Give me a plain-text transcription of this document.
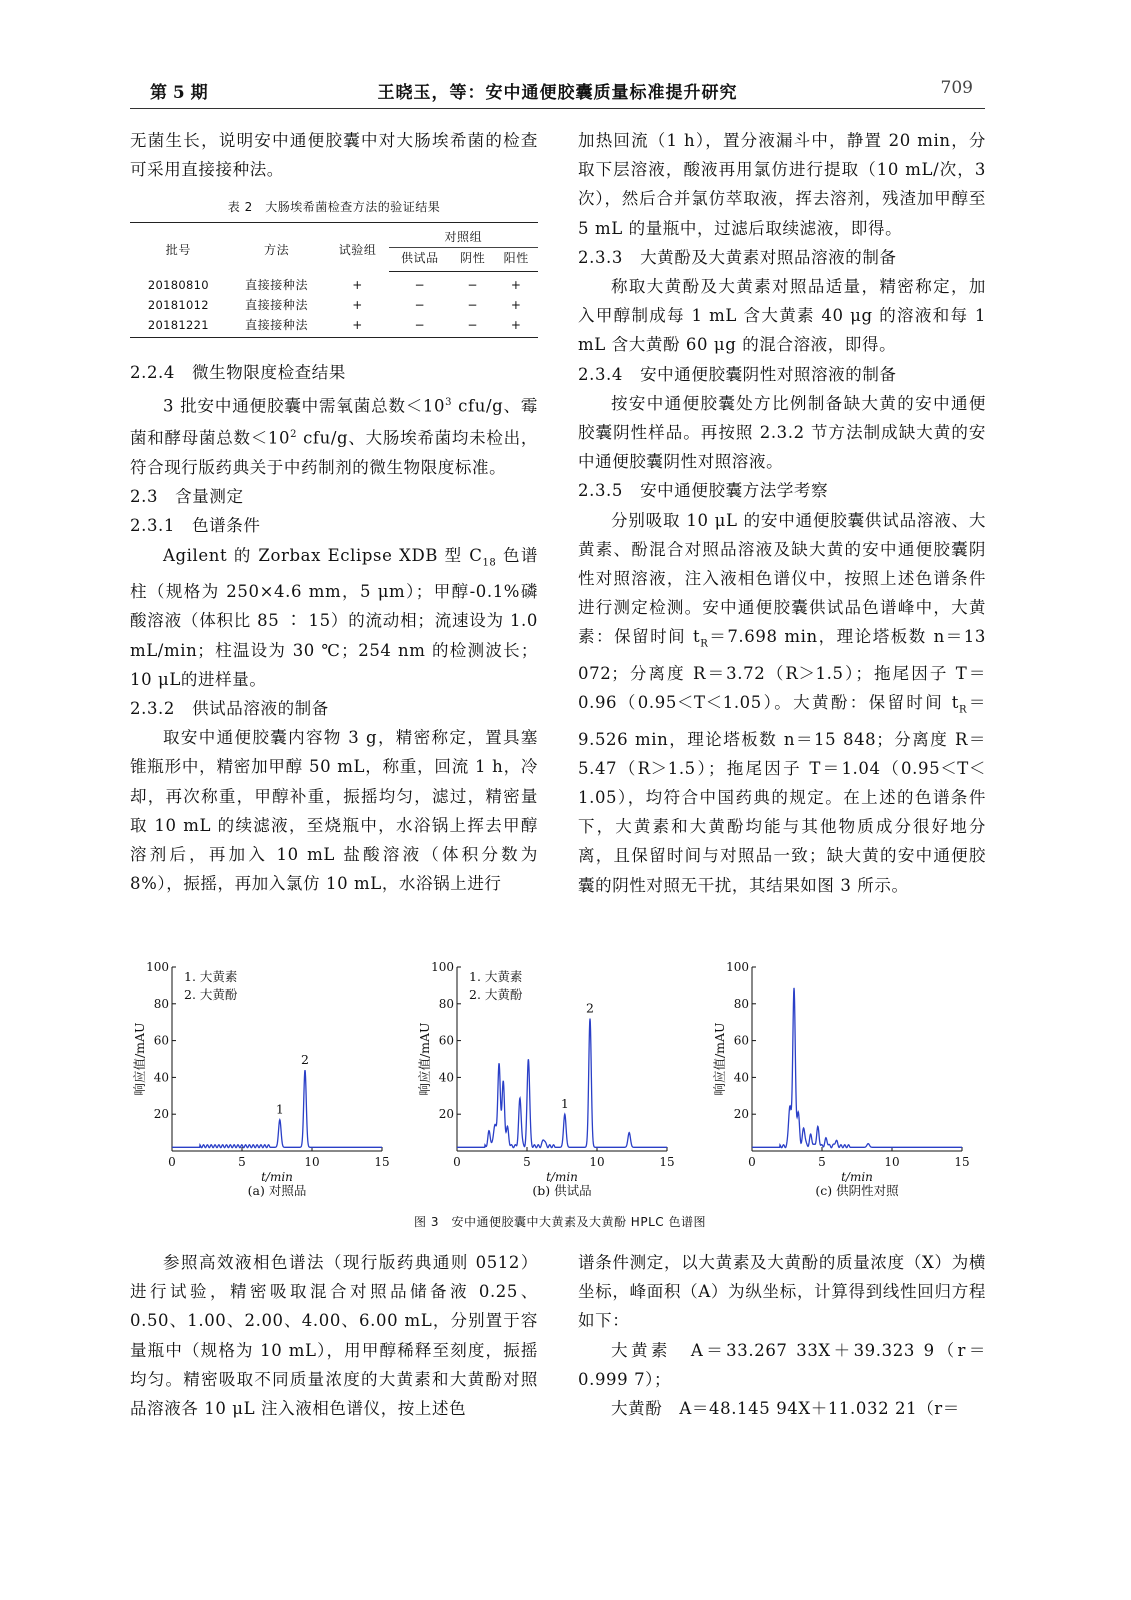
第 5 期	王晓玉，等：安中通便胶囊质量标准提升研究	709

无菌生长，说明安中通便胶囊中对大肠埃希菌的检查可采用直接接种法。

表 2　大肠埃希菌检查方法的验证结果
批号	方法	试验组	对照组		
			供试品	阴性	阳性
20180810	直接接种法	+	−	−	+
20181012	直接接种法	+	−	−	+
20181221	直接接种法	+	−	−	+
2.2.4　微生物限度检查结果

3 批安中通便胶囊中需氧菌总数$<10^3$ cfu/g、霉菌和酵母菌总数$<10^2$ cfu/g、大肠埃希菌均未检出，符合现行版药典关于中药制剂的微生物限度标准。

2.3　含量测定
2.3.1　色谱条件

Agilent 的 Zorbax Eclipse XDB 型 $C_{18}$ 色谱柱（规格为 250×4.6 mm，5 μm）；甲醇-0.1%磷酸溶液（体积比 85 ∶ 15）的流动相；流速设为 1.0 mL/min；柱温设为 30 ℃；254 nm 的检测波长；10 μL的进样量。

2.3.2　供试品溶液的制备

取安中通便胶囊内容物 3 g，精密称定，置具塞锥瓶形中，精密加甲醇 50 mL，称重，回流 1 h，冷却，再次称重，甲醇补重，振摇均匀，滤过，精密量取 10 mL 的续滤液，至烧瓶中，水浴锅上挥去甲醇溶剂后，再加入 10 mL 盐酸溶液（体积分数为 8%），振摇，再加入氯仿 10 mL，水浴锅上进行

加热回流（1 h），置分液漏斗中，静置 20 min，分取下层溶液，酸液再用氯仿进行提取（10 mL/次，3 次），然后合并氯仿萃取液，挥去溶剂，残渣加甲醇至 5 mL 的量瓶中，过滤后取续滤液，即得。

2.3.3　大黄酚及大黄素对照品溶液的制备

称取大黄酚及大黄素对照品适量，精密称定，加入甲醇制成每 1 mL 含大黄素 40 μg 的溶液和每 1 mL 含大黄酚 60 μg 的混合溶液，即得。

2.3.4　安中通便胶囊阴性对照溶液的制备

按安中通便胶囊处方比例制备缺大黄的安中通便胶囊阴性样品。再按照 2.3.2 节方法制成缺大黄的安中通便胶囊阴性对照溶液。

2.3.5　安中通便胶囊方法学考察

分别吸取 10 μL 的安中通便胶囊供试品溶液、大黄素、酚混合对照品溶液及缺大黄的安中通便胶囊阴性对照溶液，注入液相色谱仪中，按照上述色谱条件进行测定检测。安中通便胶囊供试品色谱峰中，大黄素：保留时间 $t_R=7.698$ min，理论塔板数 n＝13 072；分离度 R＝3.72（R＞1.5）；拖尾因子 T＝0.96（0.95＜T＜1.05）。大黄酚：保留时间 $t_R=9.526$ min，理论塔板数 n＝15 848；分离度 R＝5.47（R＞1.5）；拖尾因子 T＝1.04（0.95＜T＜1.05），均符合中国药典的规定。在上述的色谱条件下，大黄素和大黄酚均能与其他物质成分很好地分离，且保留时间与对照品一致；缺大黄的安中通便胶囊的阴性对照无干扰，其结果如图 3 所示。

20
40
60
80
100
0	5	10	15
t/min
(a) 对照品
响应值/mAU
1. 大黄素
2. 大黄酚
1
2
20
40
60
80
100
0	5	10	15
t/min
(b) 供试品
响应值/mAU
1. 大黄素
2. 大黄酚
1
2
20
40
60
80
100
0	5	10	15
t/min
(c) 供阴性对照
响应值/mAU
图 3　安中通便胶囊中大黄素及大黄酚 HPLC 色谱图

参照高效液相色谱法（现行版药典通则 0512）进行试验，精密吸取混合对照品储备液 0.25、0.50、1.00、2.00、4.00、6.00 mL，分别置于容量瓶中（规格为 10 mL），用甲醇稀释至刻度，振摇均匀。精密吸取不同质量浓度的大黄素和大黄酚对照品溶液各 10 μL 注入液相色谱仪，按上述色

谱条件测定，以大黄素及大黄酚的质量浓度（X）为横坐标，峰面积（A）为纵坐标，计算得到线性回归方程如下：

大黄素　A＝33.267 33X＋39.323 9（r＝0.999 7）；

大黄酚　A＝48.145 94X＋11.032 21（r＝
